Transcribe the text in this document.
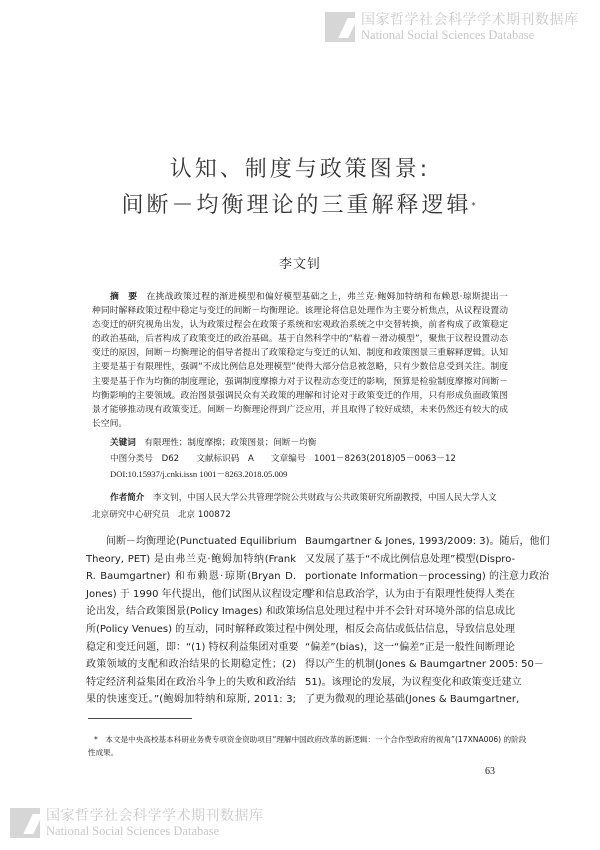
国家哲学社会科学学术期刊数据库
National Social Sciences Database
认知、制度与政策图景:
间断－均衡理论的三重解释逻辑*
李文钊
摘　要　 在挑战政策过程的渐进模型和偏好模型基础之上，弗兰克·鲍姆加特纳和布赖恩·琼斯提出一
种同时解释政策过程中稳定与变迁的间断－均衡理论。该理论将信息处理作为主要分析焦点，从议程设置动
态变迁的研究视角出发，认为政策过程会在政策子系统和宏观政治系统之中交替转换，前者构成了政策稳定
的政治基础，后者构成了政策变迁的政治基础。基于自然科学中的“粘着－滑动模型”，聚焦于议程设置动态
变迁的原因，间断－均衡理论的倡导者提出了政策稳定与变迁的认知、制度和政策图景三重解释逻辑。认知
主要是基于有限理性，强调“不成比例信息处理模型”使得大部分信息被忽略，只有少数信息受到关注。制度
主要是基于作为均衡的制度理论，强调制度摩擦力对于议程动态变迁的影响，预算是检验制度摩擦对间断－
均衡影响的主要领域。政治图景强调民众有关政策的理解和讨论对于政策变迁的作用，只有形成负面政策图
景才能够推动现有政策变迁。间断－均衡理论得到广泛应用，并且取得了较好成绩，未来仍然还有较大的成
长空间。
关键词　 有限理性；制度摩擦；政策图景；间断－均衡
中图分类号　 D62　　 文献标识码　 A　　 文章编号　 1001－8263(2018)05－0063－12
DOI:10.15937/j.cnki.issn 1001－8263.2018.05.009
作者简介　 李文钊，中国人民大学公共管理学院公共财政与公共政策研究所副教授，中国人民大学人文
北京研究中心研究员　北京 100872
间断－均衡理论(Punctuated Equilibrium
Theory, PET) 是由弗兰克·鲍姆加特纳(Frank
R. Baumgartner) 和布赖恩·琼斯(Bryan D.
Jones) 于 1990 年代提出，他们试图从议程设定理
论出发，结合政策图景(Policy Images) 和政策场
所(Policy Venues) 的互动，同时解释政策过程中
稳定和变迁问题，即：“(1) 特权利益集团对重要
政策领域的支配和政治结果的长期稳定性；(2)
特定经济利益集团在政治斗争上的失败和政治结
果的快速变迁。”(鲍姆加特纳和琼斯, 2011: 3;
Baumgartner & Jones, 1993/2009: 3)。随后，他们
又发展了基于“不成比例信息处理”模型(Dispro-
portionate Information－processing) 的注意力政治
学和信息政治学，认为由于有限理性使得人类在
信息处理过程中并不会针对环境外部的信息成比
例处理，相反会高估或低估信息，导致信息处理
“偏差”(bias)，这一“偏差”正是一般性间断理论
得以产生的机制(Jones & Baumgartner 2005: 50－
51)。该理论的发展，为议程变化和政策变迁建立
了更为微观的理论基础(Jones & Baumgartner,
*　 本文是中央高校基本科研业务费专项资金资助项目“理解中国政府改革的新逻辑：一个合作型政府的视角”(17XNA006) 的阶段
性成果。
63
国家哲学社会科学学术期刊数据库
National Social Sciences Database
